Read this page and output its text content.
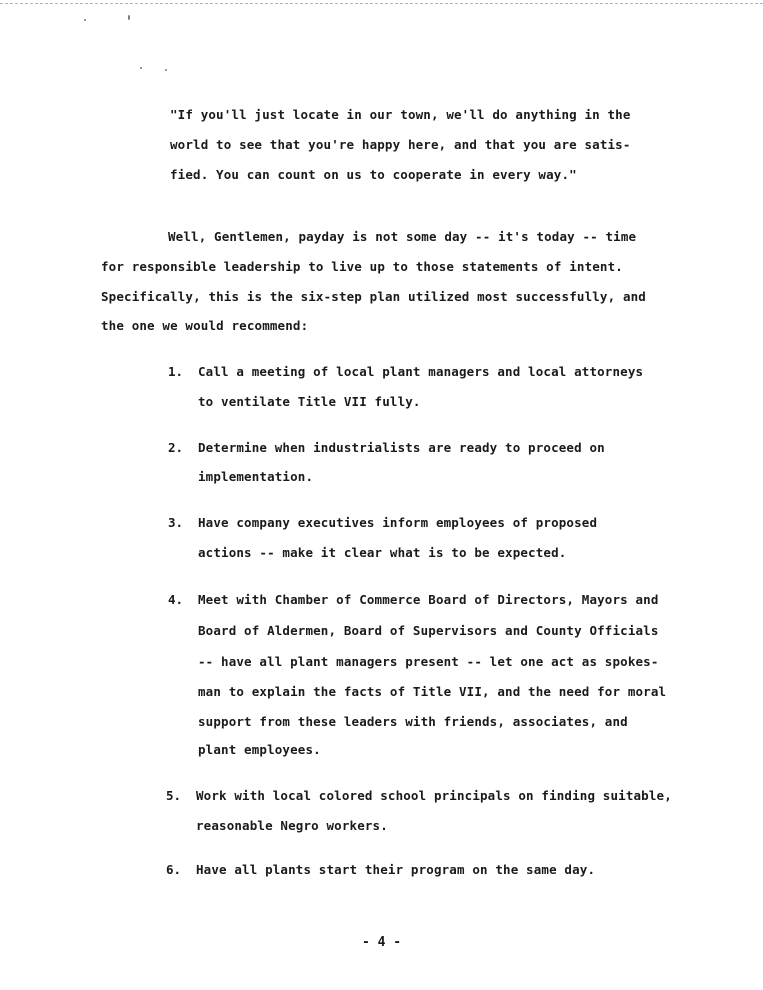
"If you'll just locate in our town, we'll do anything in the
world to see that you're happy here, and that you are satis-
fied. You can count on us to cooperate in every way."
Well, Gentlemen, payday is not some day -- it's today -- time
for responsible leadership to live up to those statements of intent.
Specifically, this is the six-step plan utilized most successfully, and
the one we would recommend:
1. Call a meeting of local plant managers and local attorneys
to ventilate Title VII fully.
2. Determine when industrialists are ready to proceed on
implementation.
3. Have company executives inform employees of proposed
actions -- make it clear what is to be expected.
4. Meet with Chamber of Commerce Board of Directors, Mayors and
Board of Aldermen, Board of Supervisors and County Officials
-- have all plant managers present -- let one act as spokes-
man to explain the facts of Title VII, and the need for moral
support from these leaders with friends, associates, and
plant employees.
5. Work with local colored school principals on finding suitable,
reasonable Negro workers.
6. Have all plants start their program on the same day.
- 4 -
